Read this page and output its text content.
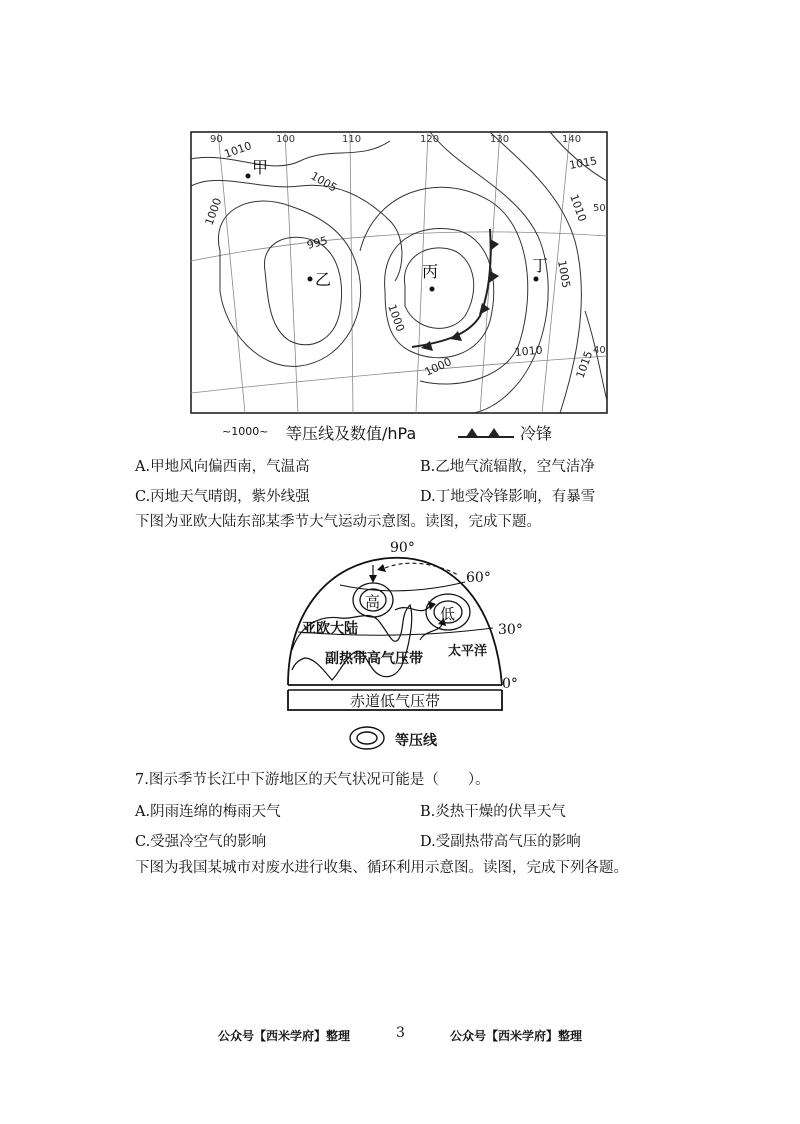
甲
乙	丙	丁
90	100	110	120	130	140
50
40
1010
1005
1000
995
1000
1000
1010
1005
1010
1015
1015
~1000~ 等压线及数值/hPa	冷锋
A.甲地风向偏西南，气温高	B.乙地气流辐散，空气洁净
C.丙地天气晴朗，紫外线强	D.丁地受冷锋影响，有暴雪
下图为亚欧大陆东部某季节大气运动示意图。读图，完成下题。
90°
60°
30°
0°
高
低
亚欧大陆
太平洋
副热带高气压带
赤道低气压带
等压线
7.图示季节长江中下游地区的天气状况可能是（　　）。
A.阴雨连绵的梅雨天气	B.炎热干燥的伏旱天气
C.受强冷空气的影响	D.受副热带高气压的影响
下图为我国某城市对废水进行收集、循环利用示意图。读图，完成下列各题。
公众号【西米学府】整理	3	公众号【西米学府】整理
